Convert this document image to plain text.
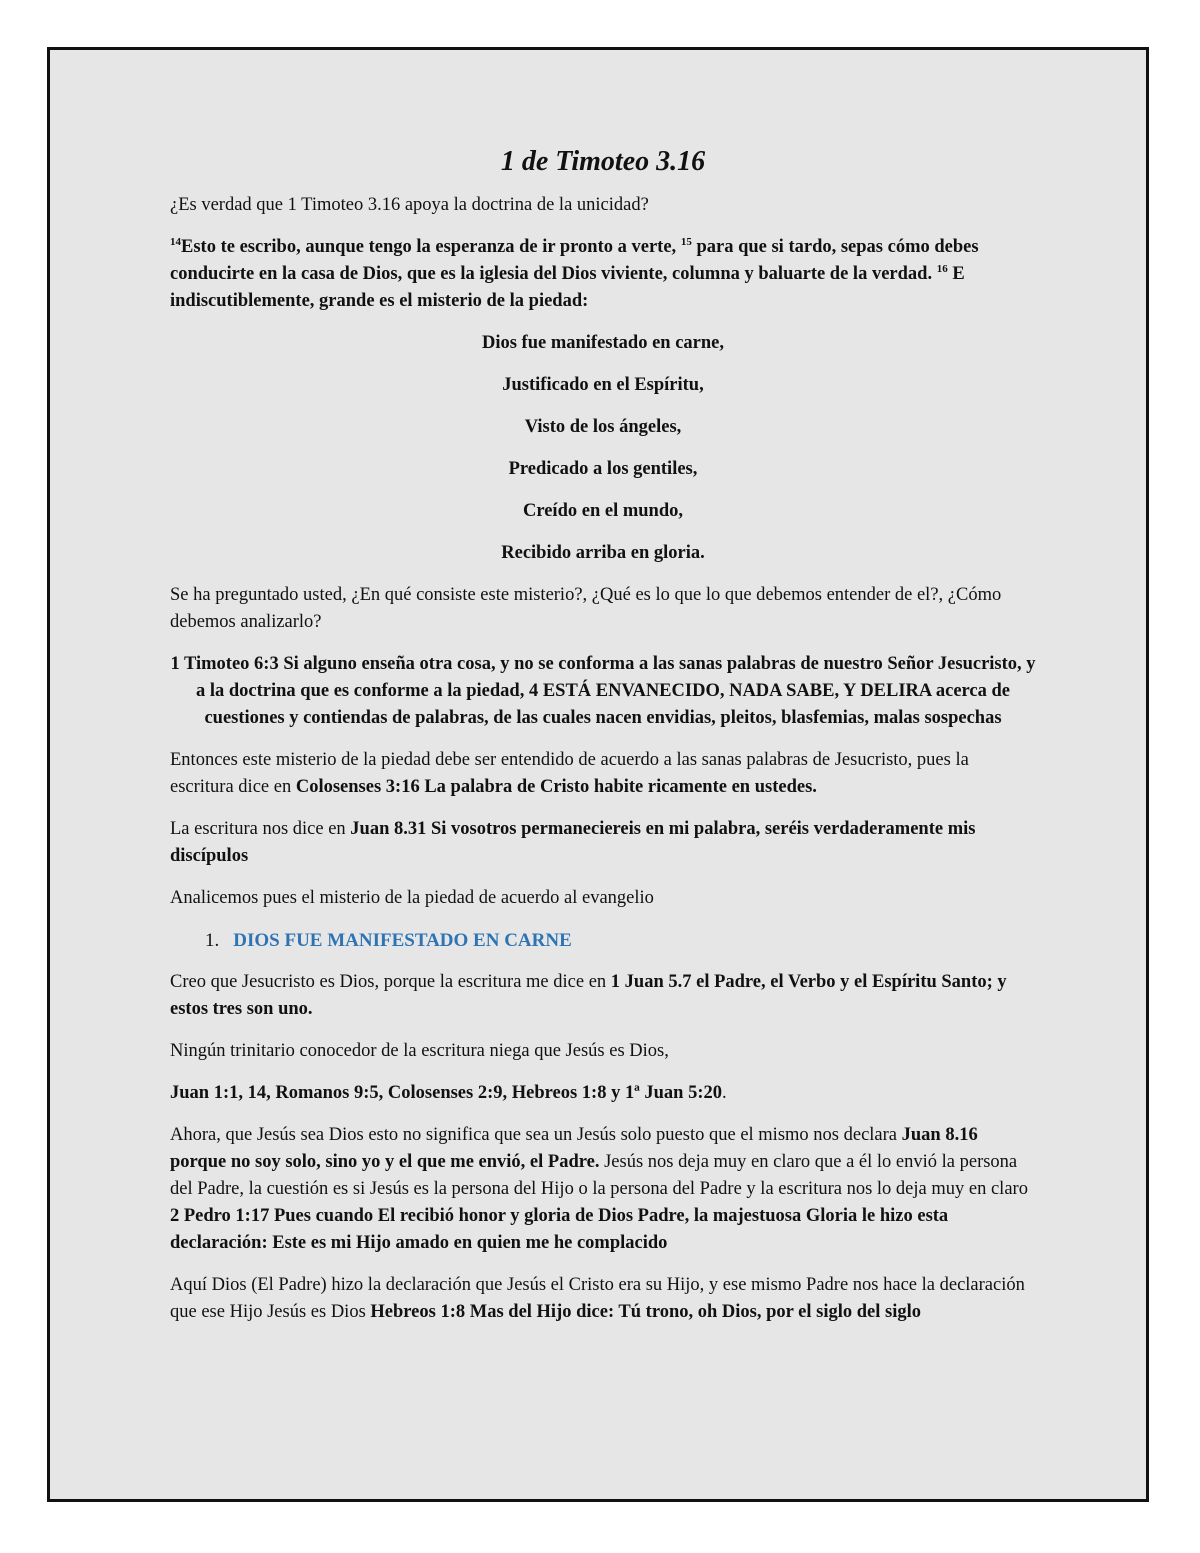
1 de Timoteo 3.16

¿Es verdad que 1 Timoteo 3.16 apoya la doctrina de la unicidad?

$^{14}$Esto te escribo, aunque tengo la esperanza de ir pronto a verte, $^{15}$ para que si tardo, sepas cómo debes conducirte en la casa de Dios, que es la iglesia del Dios viviente, columna y baluarte de la verdad. $^{16}$ E indiscutiblemente, grande es el misterio de la piedad:

Dios fue manifestado en carne,

Justificado en el Espíritu,

Visto de los ángeles,

Predicado a los gentiles,

Creído en el mundo,

Recibido arriba en gloria.

Se ha preguntado usted, ¿En qué consiste este misterio?, ¿Qué es lo que lo que debemos entender de el?, ¿Cómo debemos analizarlo?

1 Timoteo 6:3 Si alguno enseña otra cosa, y no se conforma a las sanas palabras de nuestro Señor Jesucristo, y a la doctrina que es conforme a la piedad, 4 ESTÁ ENVANECIDO, NADA SABE, Y DELIRA acerca de cuestiones y contiendas de palabras, de las cuales nacen envidias, pleitos, blasfemias, malas sospechas

Entonces este misterio de la piedad debe ser entendido de acuerdo a las sanas palabras de Jesucristo, pues la escritura dice en Colosenses 3:16 La palabra de Cristo habite ricamente en ustedes.

La escritura nos dice en Juan 8.31 Si vosotros permaneciereis en mi palabra, seréis verdaderamente mis discípulos

Analicemos pues el misterio de la piedad de acuerdo al evangelio

1. DIOS FUE MANIFESTADO EN CARNE

Creo que Jesucristo es Dios, porque la escritura me dice en 1 Juan 5.7 el Padre, el Verbo y el Espíritu Santo; y estos tres son uno.

Ningún trinitario conocedor de la escritura niega que Jesús es Dios,

Juan 1:1, 14, Romanos 9:5, Colosenses 2:9, Hebreos 1:8 y 1ª Juan 5:20.

Ahora, que Jesús sea Dios esto no significa que sea un Jesús solo puesto que el mismo nos declara Juan 8.16 porque no soy solo, sino yo y el que me envió, el Padre. Jesús nos deja muy en claro que a él lo envió la persona del Padre, la cuestión es si Jesús es la persona del Hijo o la persona del Padre y la escritura nos lo deja muy en claro 2 Pedro 1:17 Pues cuando El recibió honor y gloria de Dios Padre, la majestuosa Gloria le hizo esta declaración: Este es mi Hijo amado en quien me he complacido

Aquí Dios (El Padre) hizo la declaración que Jesús el Cristo era su Hijo, y ese mismo Padre nos hace la declaración que ese Hijo Jesús es Dios Hebreos 1:8 Mas del Hijo dice: Tú trono, oh Dios, por el siglo del siglo
